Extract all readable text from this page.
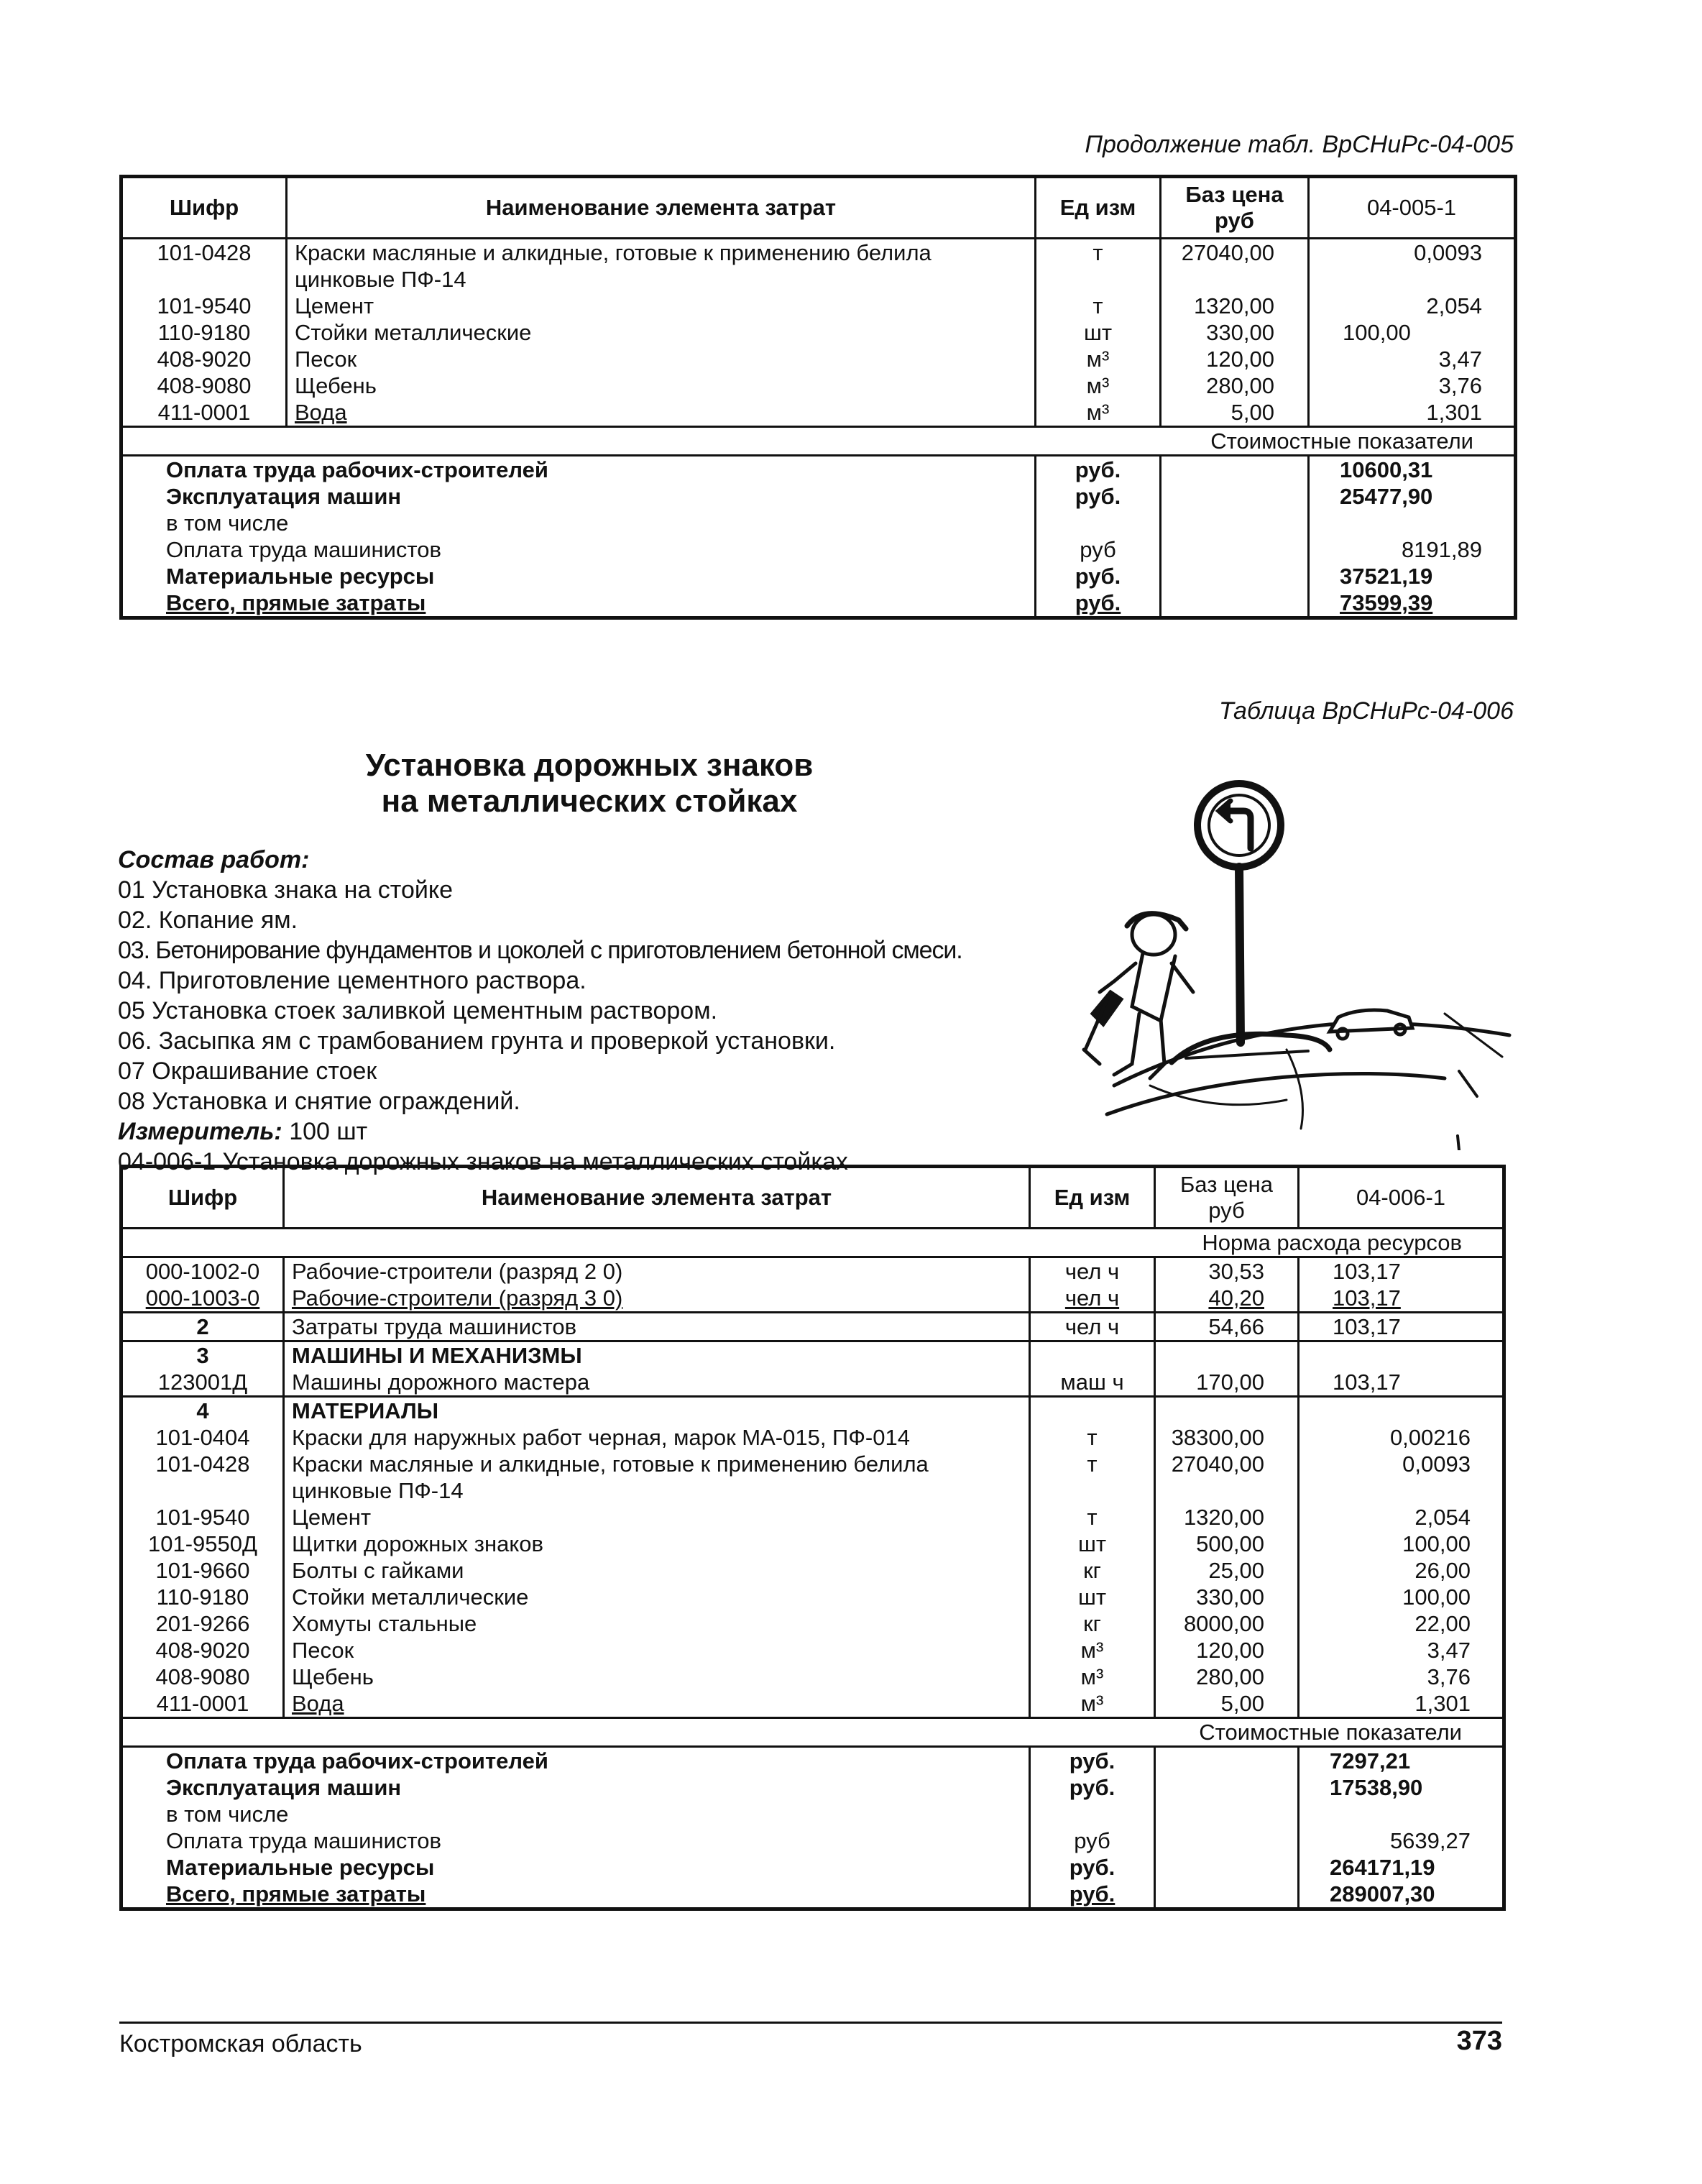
Продолжение табл. ВрСНиРс-04-005
Шифр	Наименование элемента затрат	Ед изм	Баз цена руб	04-005-1
101-0428	Краски масляные и алкидные, готовые к применению белила цинковые ПФ-14	т	27040,00	0,0093
101-9540	Цемент	т	1320,00	2,054
110-9180	Стойки металлические	шт	330,00	100,00
408-9020	Песок	м³	120,00	3,47
408-9080	Щебень	м³	280,00	3,76
411-0001	Вода	м³	5,00	1,301
Стоимостные показатели				
Оплата труда рабочих-строителей		руб.		10600,31
Эксплуатация машин		руб.		25477,90
в том числе				
Оплата труда машинистов		руб		8191,89
Материальные ресурсы		руб.		37521,19
Всего, прямые затраты		руб.		73599,39
Таблица ВрСНиРс-04-006
Установка дорожных знаков
на металлических стойках
Состав работ:
01 Установка знака на стойке
02. Копание ям.
03. Бетонирование фундаментов и цоколей с приготовлением бетонной смеси.
04. Приготовление цементного раствора.
05 Установка стоек заливкой цементным раствором.
06. Засыпка ям с трамбованием грунта и проверкой установки.
07 Окрашивание стоек
08 Установка и снятие ограждений.
Измеритель: 100 шт
04-006-1 Установка дорожных знаков на металлических стойках
Шифр	Наименование элемента затрат	Ед изм	Баз цена руб	04-006-1
Норма расхода ресурсов				
000-1002-0	Рабочие-строители (разряд 2 0)	чел ч	30,53	103,17
000-1003-0	Рабочие-строители (разряд 3 0)	чел ч	40,20	103,17
2	Затраты труда машинистов	чел ч	54,66	103,17
3	МАШИНЫ И МЕХАНИЗМЫ			
123001Д	Машины дорожного мастера	маш ч	170,00	103,17
4	МАТЕРИАЛЫ			
101-0404	Краски для наружных работ черная, марок МА-015, ПФ-014	т	38300,00	0,00216
101-0428	Краски масляные и алкидные, готовые к применению белила цинковые ПФ-14	т	27040,00	0,0093
101-9540	Цемент	т	1320,00	2,054
101-9550Д	Щитки дорожных знаков	шт	500,00	100,00
101-9660	Болты с гайками	кг	25,00	26,00
110-9180	Стойки металлические	шт	330,00	100,00
201-9266	Хомуты стальные	кг	8000,00	22,00
408-9020	Песок	м³	120,00	3,47
408-9080	Щебень	м³	280,00	3,76
411-0001	Вода	м³	5,00	1,301
Стоимостные показатели				
Оплата труда рабочих-строителей		руб.		7297,21
Эксплуатация машин		руб.		17538,90
в том числе				
Оплата труда машинистов		руб		5639,27
Материальные ресурсы		руб.		264171,19
Всего, прямые затраты		руб.		289007,30
Костромская область	373
